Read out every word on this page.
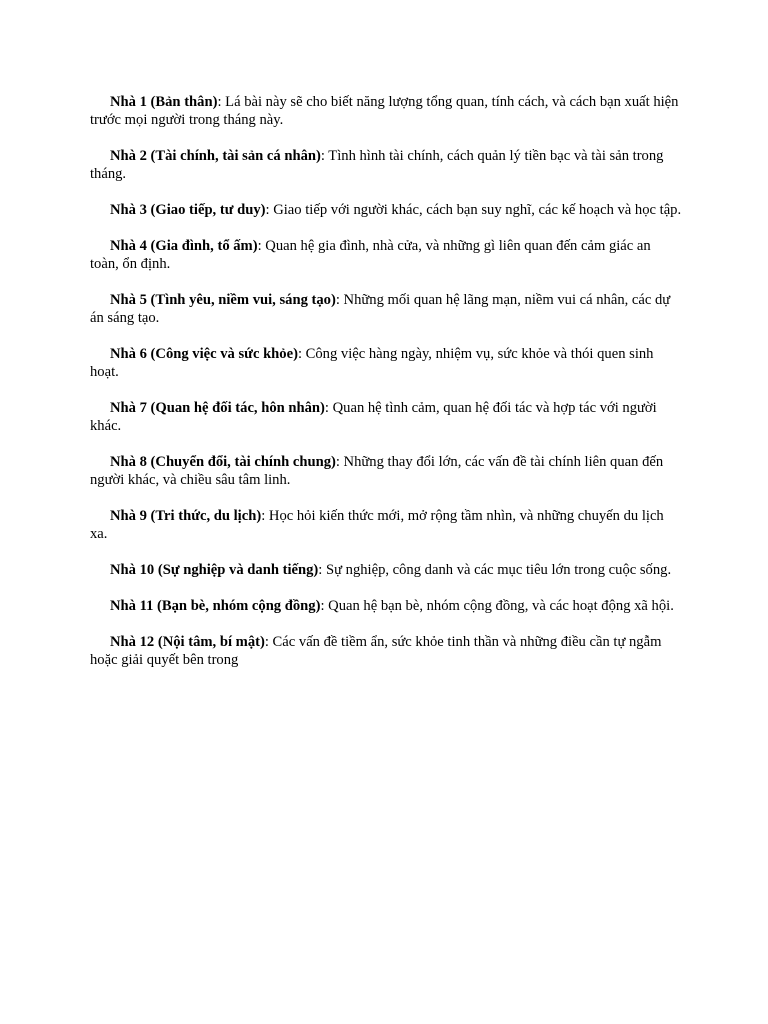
Nhà 1 (Bản thân): Lá bài này sẽ cho biết năng lượng tổng quan, tính cách, và cách bạn xuất hiện trước mọi người trong tháng này.

Nhà 2 (Tài chính, tài sản cá nhân): Tình hình tài chính, cách quản lý tiền bạc và tài sản trong tháng.

Nhà 3 (Giao tiếp, tư duy): Giao tiếp với người khác, cách bạn suy nghĩ, các kế hoạch và học tập.

Nhà 4 (Gia đình, tổ ấm): Quan hệ gia đình, nhà cửa, và những gì liên quan đến cảm giác an toàn, ổn định.

Nhà 5 (Tình yêu, niềm vui, sáng tạo): Những mối quan hệ lãng mạn, niềm vui cá nhân, các dự án sáng tạo.

Nhà 6 (Công việc và sức khỏe): Công việc hàng ngày, nhiệm vụ, sức khỏe và thói quen sinh hoạt.

Nhà 7 (Quan hệ đối tác, hôn nhân): Quan hệ tình cảm, quan hệ đối tác và hợp tác với người khác.

Nhà 8 (Chuyển đổi, tài chính chung): Những thay đổi lớn, các vấn đề tài chính liên quan đến người khác, và chiều sâu tâm linh.

Nhà 9 (Tri thức, du lịch): Học hỏi kiến thức mới, mở rộng tầm nhìn, và những chuyến du lịch xa.

Nhà 10 (Sự nghiệp và danh tiếng): Sự nghiệp, công danh và các mục tiêu lớn trong cuộc sống.

Nhà 11 (Bạn bè, nhóm cộng đồng): Quan hệ bạn bè, nhóm cộng đồng, và các hoạt động xã hội.

Nhà 12 (Nội tâm, bí mật): Các vấn đề tiềm ẩn, sức khỏe tinh thần và những điều cần tự ngẫm hoặc giải quyết bên trong
